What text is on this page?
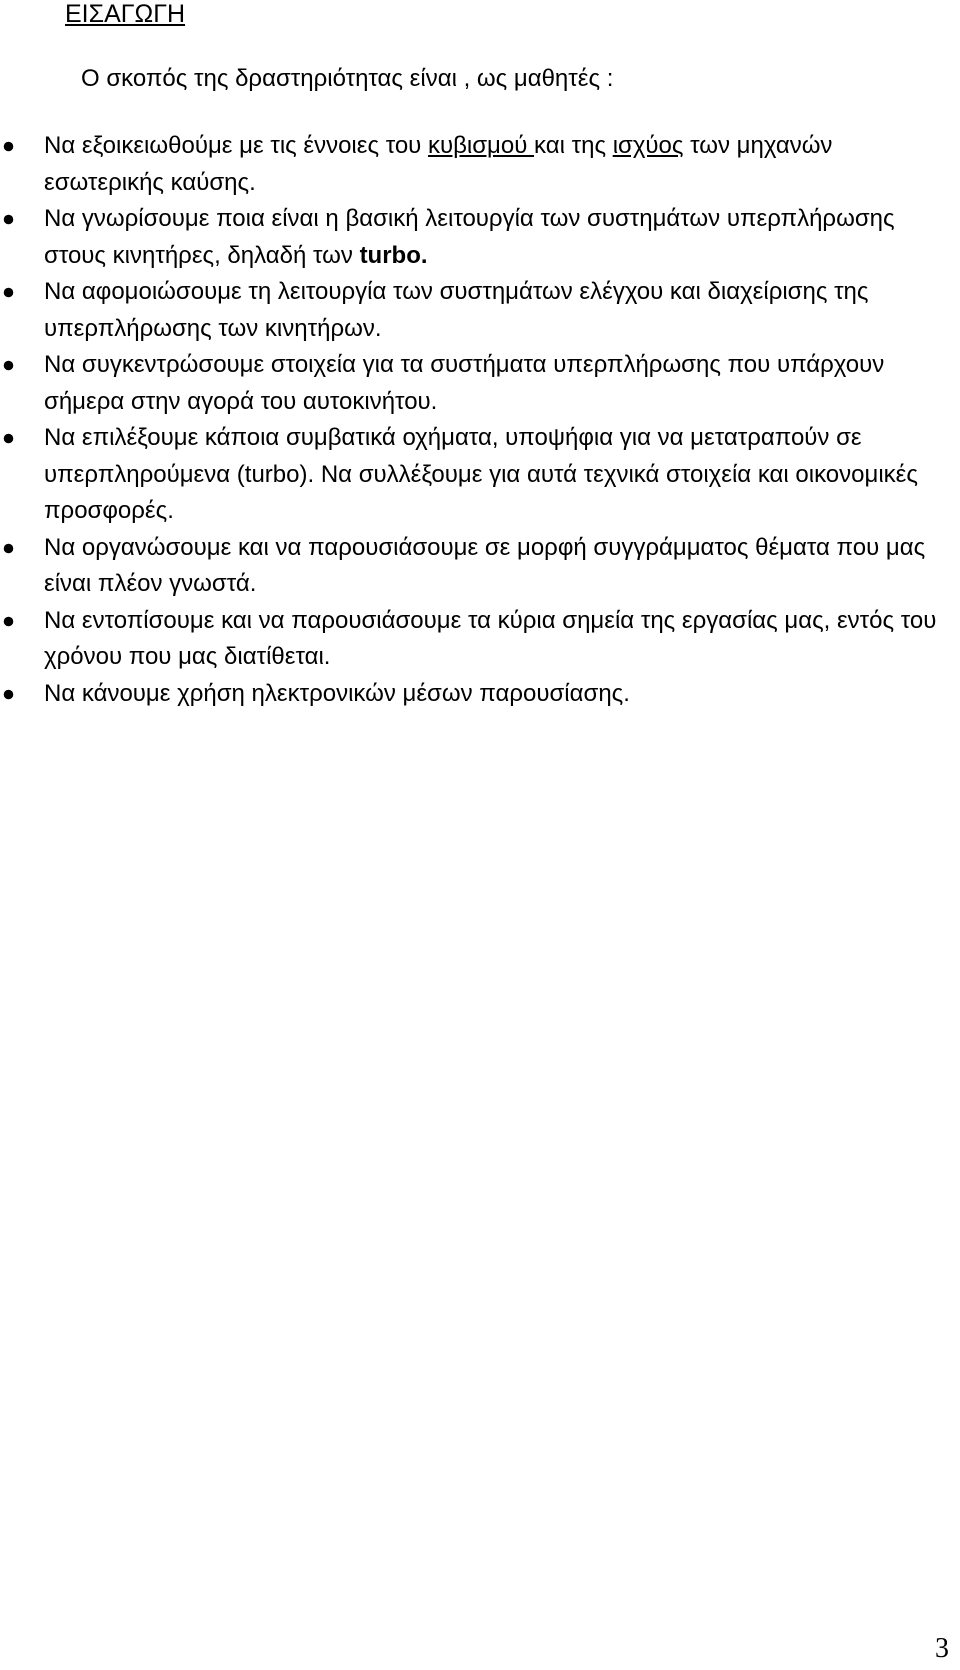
ΕΙΣΑΓΩΓΗ
Ο σκοπός της δραστηριότητας είναι , ως μαθητές :
Να εξοικειωθούμε με τις έννοιες του κυβισμού και της ισχύος των μηχανών εσωτερικής καύσης.
Να γνωρίσουμε ποια είναι η βασική λειτουργία των συστημάτων υπερπλήρωσης στους κινητήρες, δηλαδή των turbo.
Να αφομοιώσουμε τη λειτουργία των συστημάτων ελέγχου και διαχείρισης της υπερπλήρωσης των κινητήρων.
Να συγκεντρώσουμε στοιχεία για τα συστήματα υπερπλήρωσης που υπάρχουν σήμερα στην αγορά του αυτοκινήτου.
Να επιλέξουμε κάποια συμβατικά οχήματα, υποψήφια για να μετατραπούν σε υπερπληρούμενα (turbo). Να συλλέξουμε για αυτά τεχνικά στοιχεία και οικονομικές προσφορές.
Να οργανώσουμε και να παρουσιάσουμε σε μορφή συγγράμματος θέματα που μας είναι πλέον γνωστά.
Να εντοπίσουμε και να παρουσιάσουμε τα κύρια σημεία της εργασίας μας, εντός του χρόνου που μας διατίθεται.
Να κάνουμε χρήση ηλεκτρονικών μέσων παρουσίασης.
3
